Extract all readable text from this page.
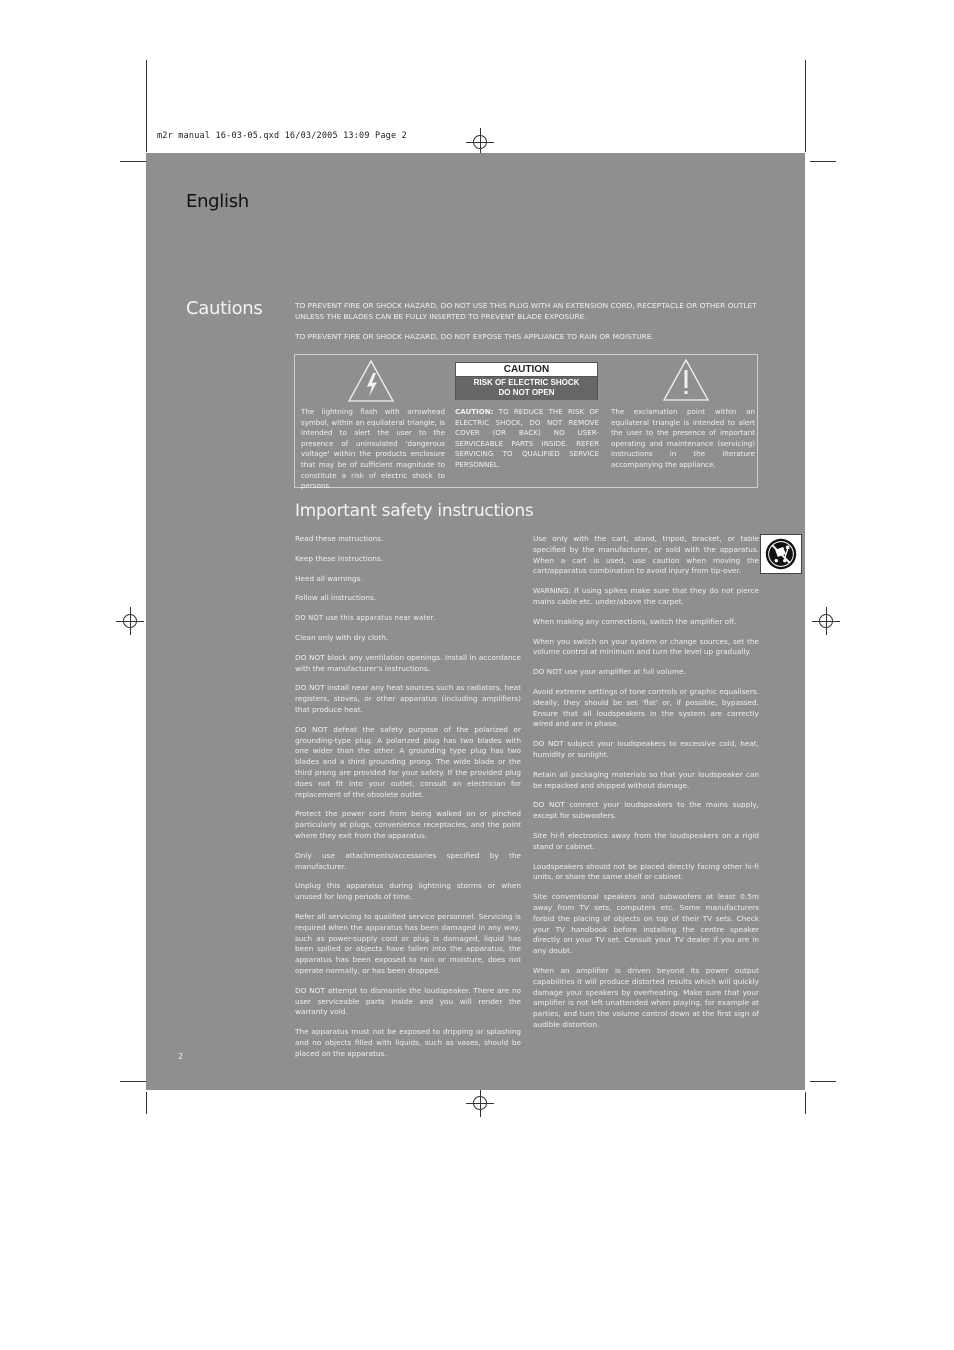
m2r manual 16-03-05.qxd 16/03/2005 13:09 Page 2
English
Cautions	TO PREVENT FIRE OR SHOCK HAZARD, DO NOT USE THIS PLUG WITH AN EXTENSION CORD, RECEPTACLE OR OTHER OUTLET UNLESS THE BLADES CAN BE FULLY INSERTED TO PREVENT BLADE EXPOSURE.
TO PREVENT FIRE OR SHOCK HAZARD, DO NOT EXPOSE THIS APPLIANCE TO RAIN OR MOISTURE.
CAUTION
RISK OF ELECTRIC SHOCK
DO NOT OPEN
The lightning flash with arrowhead symbol, within an equilateral triangle, is intended to alert the user to the presence of uninsulated 'dangerous voltage' within the products enclosure that may be of sufficient magnitude to constitute a risk of electric shock to persons.
CAUTION: TO REDUCE THE RISK OF ELECTRIC SHOCK, DO NOT REMOVE COVER (OR BACK) NO USER-SERVICEABLE PARTS INSIDE. REFER SERVICING TO QUALIFIED SERVICE PERSONNEL.
The exclamation point within an equilateral triangle is intended to alert the user to the presence of important operating and maintenance (servicing) instructions in the literature accompanying the appliance.
Important safety instructions

Read these instructions.

Keep these instructions.

Heed all warnings.

Follow all instructions.

DO NOT use this apparatus near water.

Clean only with dry cloth.

DO NOT block any ventilation openings. Install in accordance with the manufacturer's instructions.

DO NOT install near any heat sources such as radiators, heat registers, stoves, or other apparatus (including amplifiers) that produce heat.

DO NOT defeat the safety purpose of the polarized or grounding-type plug. A polarized plug has two blades with one wider than the other. A grounding type plug has two blades and a third grounding prong. The wide blade or the third prong are provided for your safety. If the provided plug does not fit into your outlet, consult an electrician for replacement of the obsolete outlet.

Protect the power cord from being walked on or pinched particularly at plugs, convenience receptacles, and the point where they exit from the apparatus.

Only use attachments/accessories specified by the manufacturer.

Unplug this apparatus during lightning storms or when unused for long periods of time.

Refer all servicing to qualified service personnel. Servicing is required when the apparatus has been damaged in any way, such as power-supply cord or plug is damaged, liquid has been spilled or objects have fallen into the apparatus, the apparatus has been exposed to rain or moisture, does not operate normally, or has been dropped.

DO NOT attempt to dismantle the loudspeaker. There are no user serviceable parts inside and you will render the warranty void.

The apparatus must not be exposed to dripping or splashing and no objects filled with liquids, such as vases, should be placed on the apparatus.

Use only with the cart, stand, tripod, bracket, or table specified by the manufacturer, or sold with the apparatus. When a cart is used, use caution when moving the cart/apparatus combination to avoid injury from tip-over.

WARNING: If using spikes make sure that they do not pierce mains cable etc. under/above the carpet.

When making any connections, switch the amplifier off.

When you switch on your system or change sources, set the volume control at minimum and turn the level up gradually.

DO NOT use your amplifier at full volume.

Avoid extreme settings of tone controls or graphic equalisers. Ideally, they should be set 'flat' or, if possible, bypassed. Ensure that all loudspeakers in the system are correctly wired and are in phase.

DO NOT subject your loudspeakers to excessive cold, heat, humidity or sunlight.

Retain all packaging materials so that your loudspeaker can be repacked and shipped without damage.

DO NOT connect your loudspeakers to the mains supply, except for subwoofers.

Site hi-fi electronics away from the loudspeakers on a rigid stand or cabinet.

Loudspeakers should not be placed directly facing other hi-fi units, or share the same shelf or cabinet.

Site conventional speakers and subwoofers at least 0.5m away from TV sets, computers etc. Some manufacturers forbid the placing of objects on top of their TV sets. Check your TV handbook before installing the centre speaker directly on your TV set. Consult your TV dealer if you are in any doubt.

When an amplifier is driven beyond its power output capabilities it will produce distorted results which will quickly damage your speakers by overheating. Make sure that your amplifier is not left unattended when playing, for example at parties, and turn the volume control down at the first sign of audible distortion.

2
